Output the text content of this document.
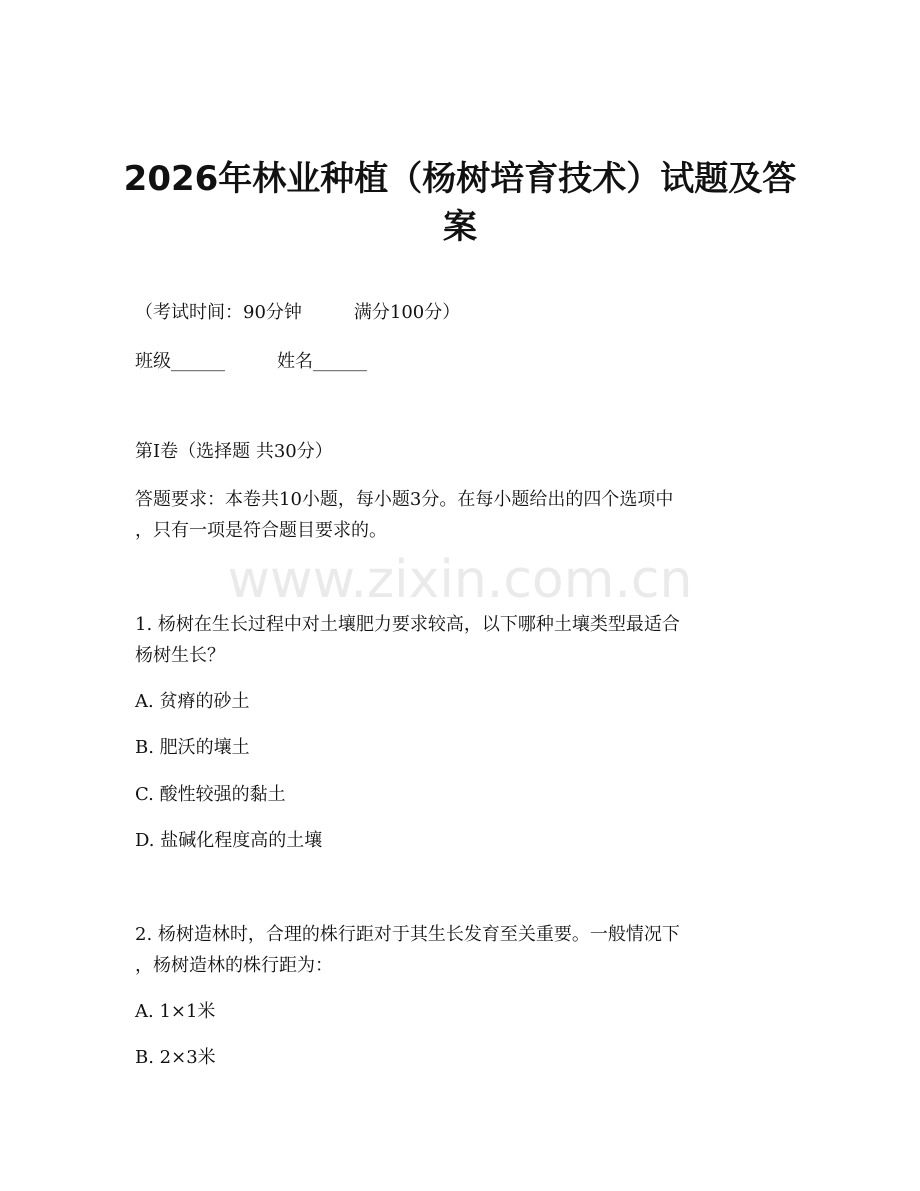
2026年林业种植（杨树培育技术）试题及答
案
（考试时间：90分钟	满分100分）
班级______	姓名______
第I卷（选择题 共30分）
答题要求：本卷共10小题，每小题3分。在每小题给出的四个选项中
，只有一项是符合题目要求的。
www.zixin.com.cn
1. 杨树在生长过程中对土壤肥力要求较高，以下哪种土壤类型最适合
杨树生长？
A. 贫瘠的砂土
B. 肥沃的壤土
C. 酸性较强的黏土
D. 盐碱化程度高的土壤
2. 杨树造林时，合理的株行距对于其生长发育至关重要。一般情况下
，杨树造林的株行距为：
A. 1×1米
B. 2×3米
